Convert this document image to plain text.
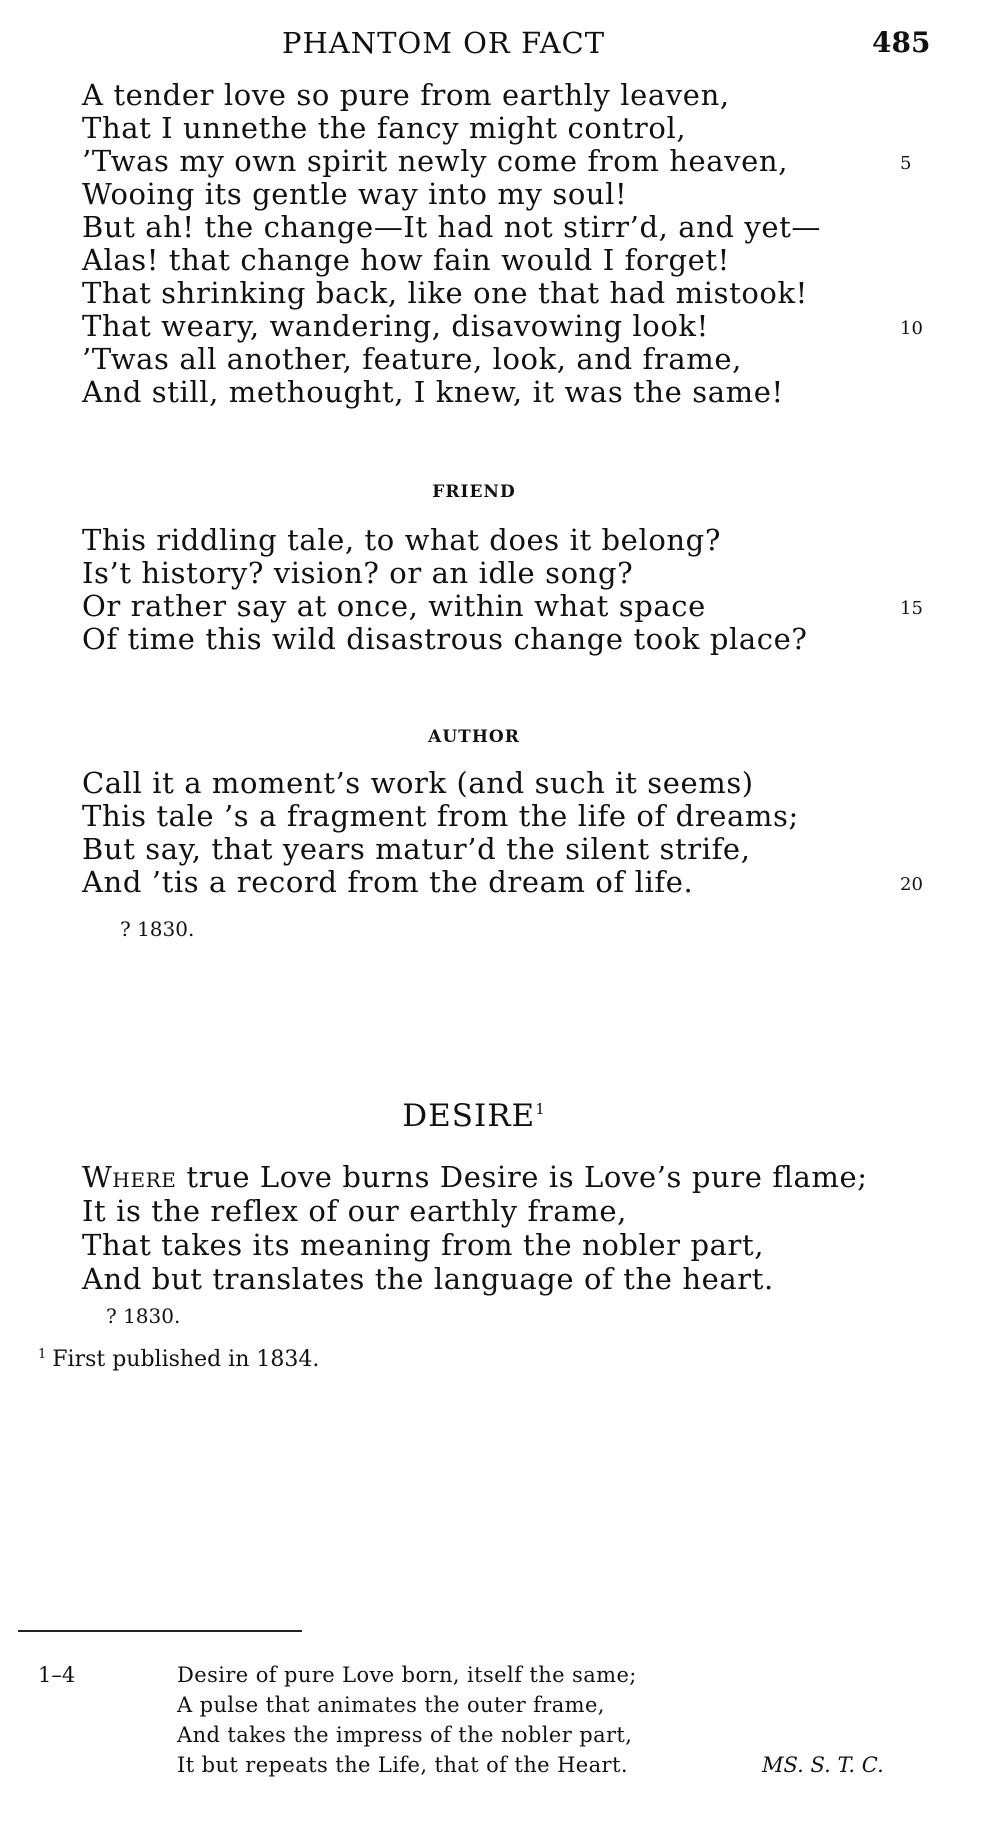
PHANTOM OR FACT	485
A tender love so pure from earthly leaven,
That I unnethe the fancy might control,
’Twas my own spirit newly come from heaven,
Wooing its gentle way into my soul!
But ah! the change—It had not stirr’d, and yet—
Alas! that change how fain would I forget!
That shrinking back, like one that had mistook!
That weary, wandering, disavowing look!
’Twas all another, feature, look, and frame,
And still, methought, I knew, it was the same!
5
10
FRIEND
This riddling tale, to what does it belong?
Is’t history? vision? or an idle song?
Or rather say at once, within what space
Of time this wild disastrous change took place?
15
AUTHOR
Call it a moment’s work (and such it seems)
This tale ’s a fragment from the life of dreams;
But say, that years matur’d the silent strife,
And ’tis a record from the dream of life.	20
? 1830.
DESIRE$^1$
Where true Love burns Desire is Love’s pure flame;
It is the reflex of our earthly frame,
That takes its meaning from the nobler part,
And but translates the language of the heart.
? 1830.
$^1$ First published in 1834.
1–4	Desire of pure Love born, itself the same;
A pulse that animates the outer frame,
And takes the impress of the nobler part,
It but repeats the Life, that of the Heart.	MS. S. T. C.
